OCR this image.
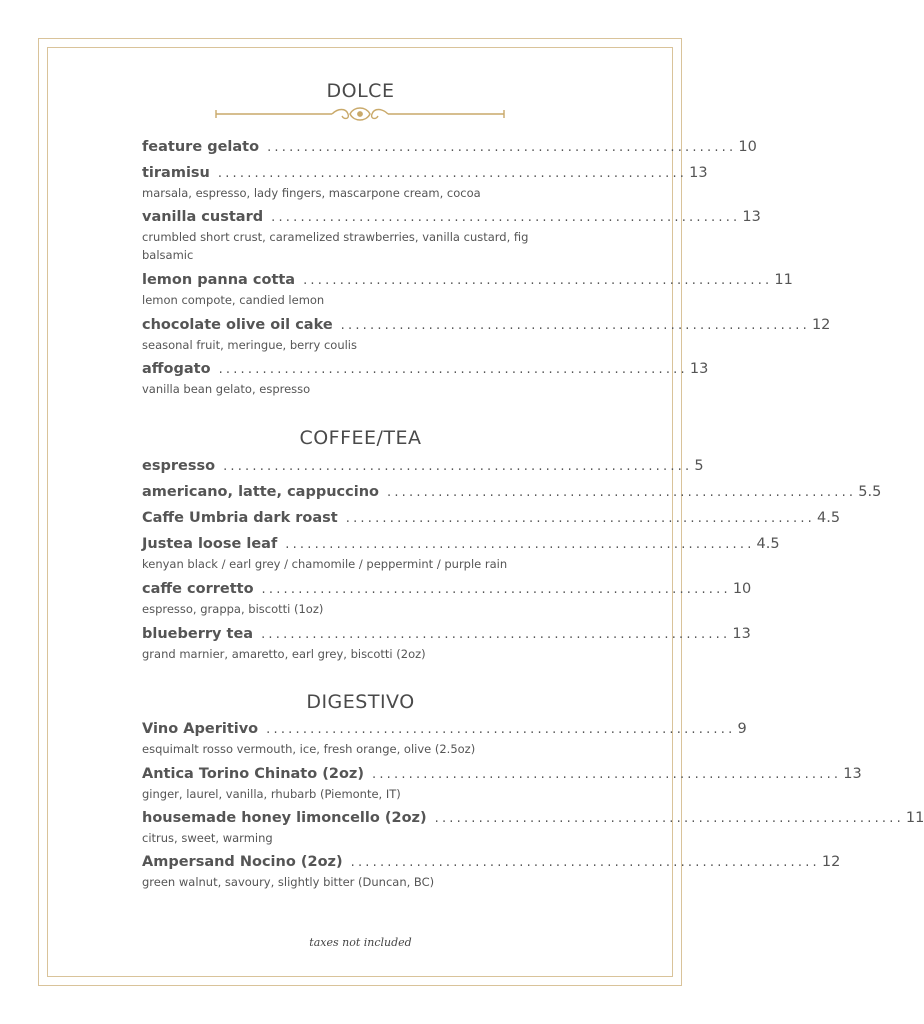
DOLCE
feature gelato ................................................................ 10
tiramisu ................................................................ 13
marsala, espresso, lady fingers, mascarpone cream, cocoa
vanilla custard ................................................................ 13
crumbled short crust, caramelized strawberries, vanilla custard, fig balsamic
lemon panna cotta ................................................................ 11
lemon compote, candied lemon
chocolate olive oil cake ................................................................ 12
seasonal fruit, meringue, berry coulis
affogato ................................................................ 13
vanilla bean gelato, espresso
COFFEE/TEA
espresso ................................................................ 5
americano, latte, cappuccino ................................................................ 5.5
Caffe Umbria dark roast ................................................................ 4.5
Justea loose leaf ................................................................ 4.5
kenyan black / earl grey / chamomile / peppermint / purple rain
caffe corretto ................................................................ 10
espresso, grappa, biscotti (1oz)
blueberry tea ................................................................ 13
grand marnier, amaretto, earl grey, biscotti (2oz)
DIGESTIVO
Vino Aperitivo ................................................................ 9
esquimalt rosso vermouth, ice, fresh orange, olive (2.5oz)
Antica Torino Chinato (2oz) ................................................................ 13
ginger, laurel, vanilla, rhubarb (Piemonte, IT)
housemade honey limoncello (2oz) ................................................................ 11
citrus, sweet, warming
Ampersand Nocino (2oz) ................................................................ 12
green walnut, savoury, slightly bitter (Duncan, BC)
taxes not included
